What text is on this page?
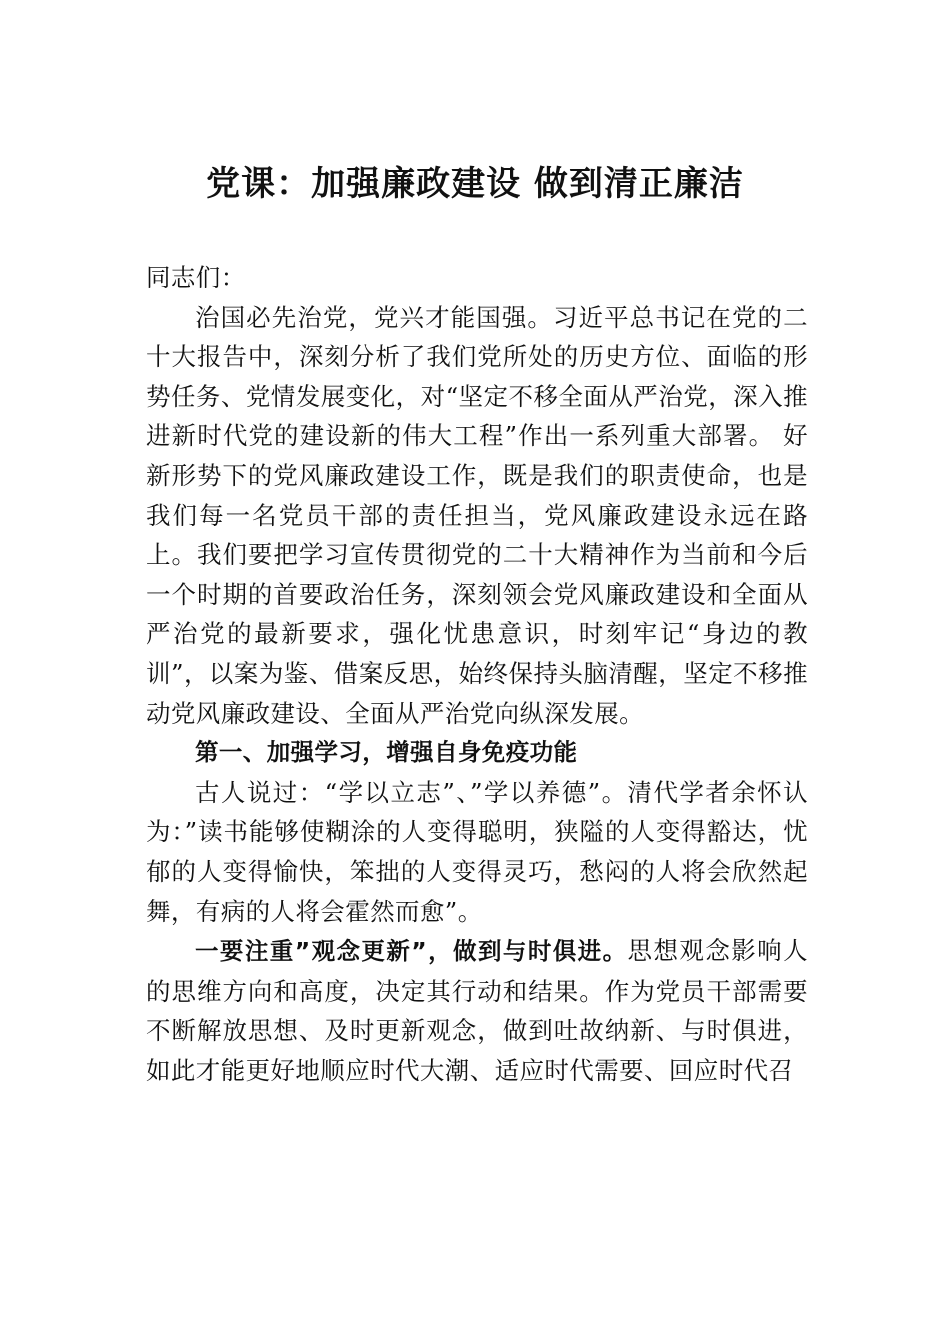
党课：加强廉政建设 做到清正廉洁

同志们：

治国必先治党，党兴才能国强。习近平总书记在党的二十大报告中，深刻分析了我们党所处的历史方位、面临的形势任务、党情发展变化，对“坚定不移全面从严治党，深入推进新时代党的建设新的伟大工程”作出一系列重大部署。 好新形势下的党风廉政建设工作，既是我们的职责使命，也是我们每一名党员干部的责任担当，党风廉政建设永远在路上。我们要把学习宣传贯彻党的二十大精神作为当前和今后一个时期的首要政治任务，深刻领会党风廉政建设和全面从严治党的最新要求，强化忧患意识，时刻牢记“身边的教训”，以案为鉴、借案反思，始终保持头脑清醒，坚定不移推动党风廉政建设、全面从严治党向纵深发展。

第一、加强学习，增强自身免疫功能

古人说过：“学以立志”、”学以养德”。清代学者余怀认为：”读书能够使糊涂的人变得聪明，狭隘的人变得豁达，忧郁的人变得愉快，笨拙的人变得灵巧，愁闷的人将会欣然起舞，有病的人将会霍然而愈”。

一要注重”观念更新”，做到与时俱进。思想观念影响人的思维方向和高度，决定其行动和结果。作为党员干部需要不断解放思想、及时更新观念，做到吐故纳新、与时俱进， 如此才能更好地顺应时代大潮、适应时代需要、回应时代召
